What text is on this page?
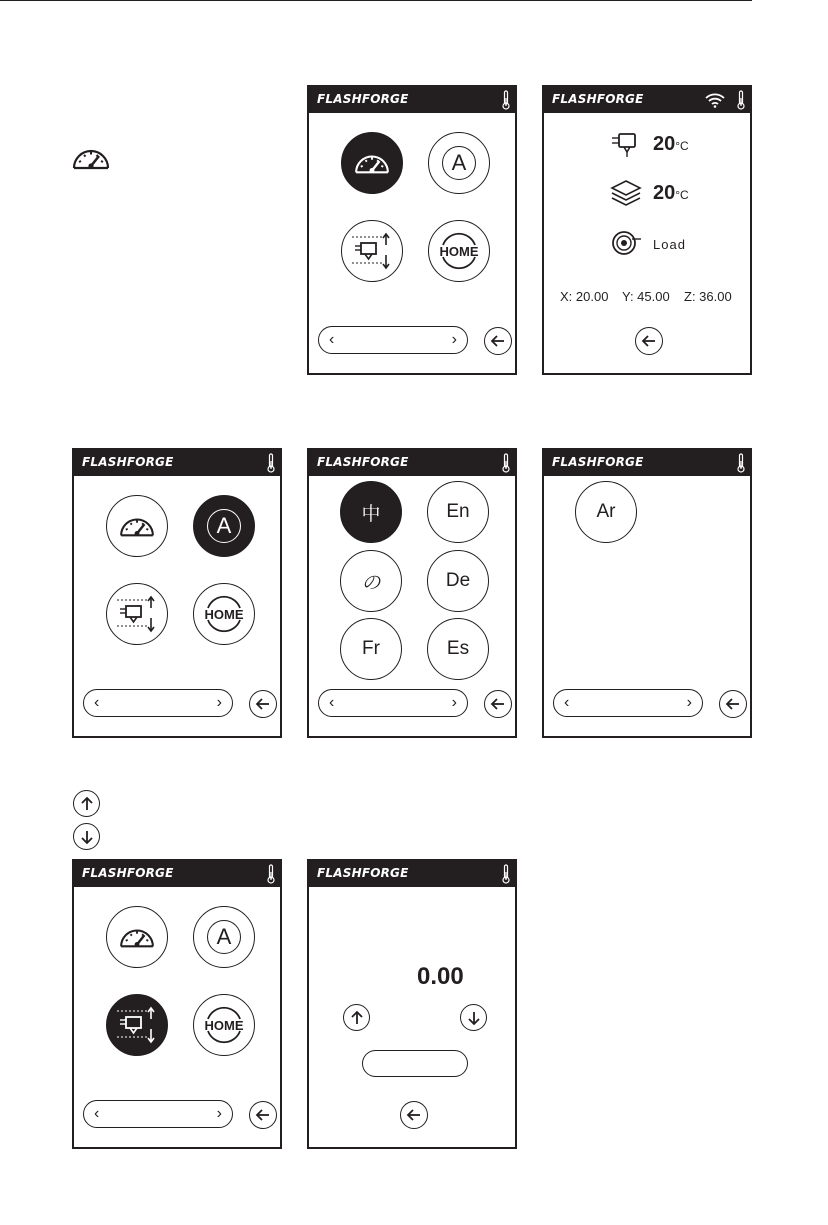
FLASHFORGE
A
HOME
‹	›
FLASHFORGE
20°C
20°C
Load
X: 20.00 Y: 45.00 Z: 36.00
FLASHFORGE
A
HOME
‹	›
FLASHFORGE
中	En
の	De
Fr	Es
‹	›
FLASHFORGE
Ar
‹	›
FLASHFORGE
A
HOME
‹	›
FLASHFORGE
0.00
